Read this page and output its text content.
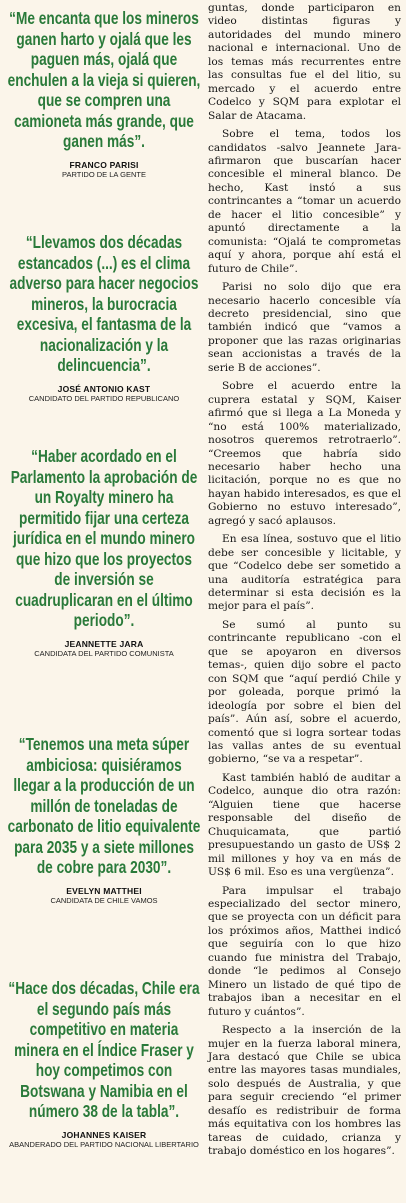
“Me encanta que los mineros ganen harto y ojalá que les paguen más, ojalá que enchulen a la vieja si quieren, que se compren una camioneta más grande, que ganen más”.

FRANCO PARISI
PARTIDO DE LA GENTE

“Llevamos dos décadas estancados (...) es el clima adverso para hacer negocios mineros, la burocracia excesiva, el fantasma de la nacionalización y la delincuencia”.

JOSÉ ANTONIO KAST
CANDIDATO DEL PARTIDO REPUBLICANO

“Haber acordado en el Parlamento la aprobación de un Royalty minero ha permitido fijar una certeza jurídica en el mundo minero que hizo que los proyectos de inversión se cuadruplicaran en el último periodo”.

JEANNETTE JARA
CANDIDATA DEL PARTIDO COMUNISTA

“Tenemos una meta súper ambiciosa: quisiéramos llegar a la producción de un millón de toneladas de carbonato de litio equivalente para 2035 y a siete millones de cobre para 2030”.

EVELYN MATTHEI
CANDIDATA DE CHILE VAMOS

“Hace dos décadas, Chile era el segundo país más competitivo en materia minera en el Índice Fraser y hoy competimos con Botswana y Namibia en el número 38 de la tabla”.

JOHANNES KAISER
ABANDERADO DEL PARTIDO NACIONAL LIBERTARIO

guntas, donde participaron en video distintas figuras y autoridades del mundo minero nacional e internacional. Uno de los temas más recurrentes entre las consultas fue el del litio, su mercado y el acuerdo entre Codelco y SQM para explotar el Salar de Atacama.

Sobre el tema, todos los candidatos -salvo Jeannete Jara- afirmaron que buscarían hacer concesible el mineral blanco. De hecho, Kast instó a sus contrincantes a “tomar un acuerdo de hacer el litio concesible” y apuntó directamente a la comunista: “Ojalá te comprometas aquí y ahora, porque ahí está el futuro de Chile”.

Parisi no solo dijo que era necesario hacerlo concesible vía decreto presidencial, sino que también indicó que “vamos a proponer que las razas originarias sean accionistas a través de la serie B de acciones”.

Sobre el acuerdo entre la cuprera estatal y SQM, Kaiser afirmó que si llega a La Moneda y “no está 100% materializado, nosotros queremos retrotraerlo”. “Creemos que habría sido necesario haber hecho una licitación, porque no es que no hayan habido interesados, es que el Gobierno no estuvo interesado”, agregó y sacó aplausos.

En esa línea, sostuvo que el litio debe ser concesible y licitable, y que “Codelco debe ser sometido a una auditoría estratégica para determinar si esta decisión es la mejor para el país”.

Se sumó al punto su contrincante republicano -con el que se apoyaron en diversos temas-, quien dijo sobre el pacto con SQM que “aquí perdió Chile y por goleada, porque primó la ideología por sobre el bien del país”. Aún así, sobre el acuerdo, comentó que si logra sortear todas las vallas antes de su eventual gobierno, “se va a respetar”.

Kast también habló de auditar a Codelco, aunque dio otra razón: “Alguien tiene que hacerse responsable del diseño de Chuquicamata, que partió presupuestando un gasto de US$ 2 mil millones y hoy va en más de US$ 6 mil. Eso es una vergüenza”.

Para impulsar el trabajo especializado del sector minero, que se proyecta con un déficit para los próximos años, Matthei indicó que seguiría con lo que hizo cuando fue ministra del Trabajo, donde “le pedimos al Consejo Minero un listado de qué tipo de trabajos iban a necesitar en el futuro y cuántos”.

Respecto a la inserción de la mujer en la fuerza laboral minera, Jara destacó que Chile se ubica entre las mayores tasas mundiales, solo después de Australia, y que para seguir creciendo “el primer desafío es redistribuir de forma más equitativa con los hombres las tareas de cuidado, crianza y trabajo doméstico en los hogares”.
